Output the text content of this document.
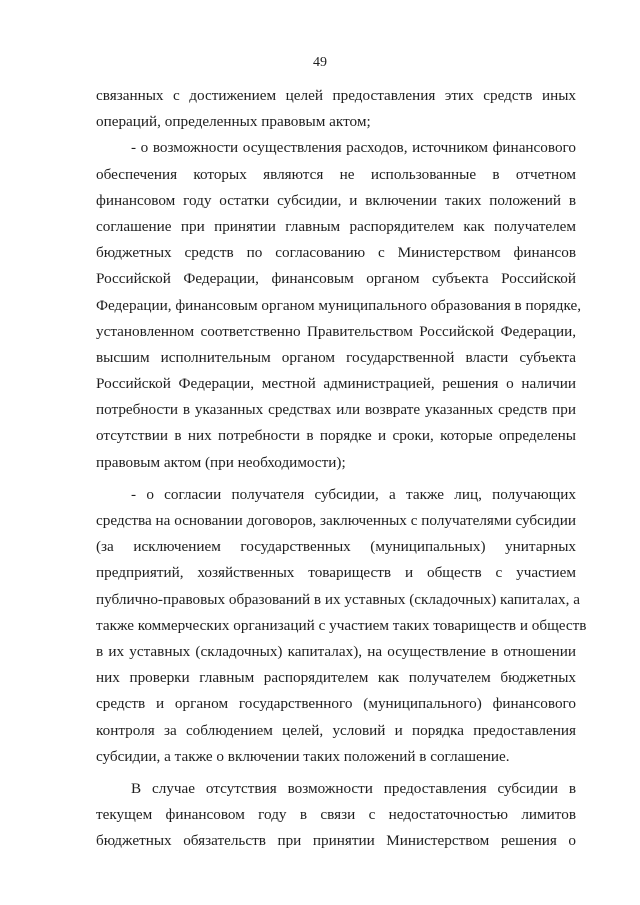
49
связанных с достижением целей предоставления этих средств иных
операций, определенных правовым актом;
- о возможности осуществления расходов, источником финансового
обеспечения которых являются не использованные в отчетном
финансовом году остатки субсидии, и включении таких положений в
соглашение при принятии главным распорядителем как получателем
бюджетных средств по согласованию с Министерством финансов
Российской Федерации, финансовым органом субъекта Российской
Федерации, финансовым органом муниципального образования в порядке,
установленном соответственно Правительством Российской Федерации,
высшим исполнительным органом государственной власти субъекта
Российской Федерации, местной администрацией, решения о наличии
потребности в указанных средствах или возврате указанных средств при
отсутствии в них потребности в порядке и сроки, которые определены
правовым актом (при необходимости);
- о согласии получателя субсидии, а также лиц, получающих
средства на основании договоров, заключенных с получателями субсидии
(за исключением государственных (муниципальных) унитарных
предприятий, хозяйственных товариществ и обществ с участием
публично-правовых образований в их уставных (складочных) капиталах, а
также коммерческих организаций с участием таких товариществ и обществ
в их уставных (складочных) капиталах), на осуществление в отношении
них проверки главным распорядителем как получателем бюджетных
средств и органом государственного (муниципального) финансового
контроля за соблюдением целей, условий и порядка предоставления
субсидии, а также о включении таких положений в соглашение.
В случае отсутствия возможности предоставления субсидии в
текущем финансовом году в связи с недостаточностью лимитов
бюджетных обязательств при принятии Министерством решения о
